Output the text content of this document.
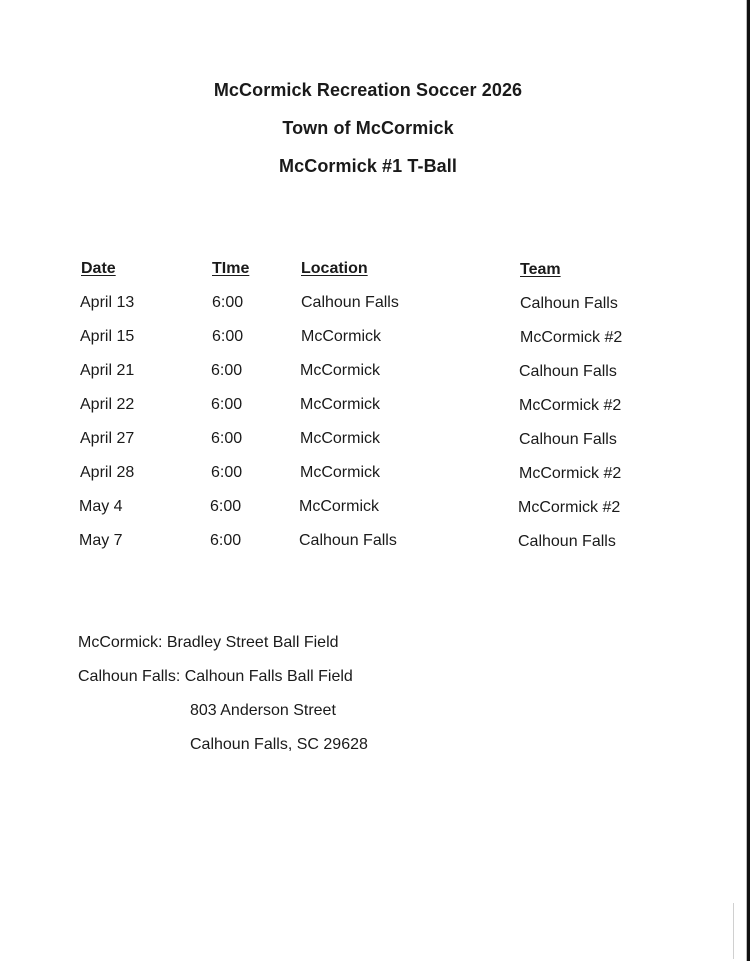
McCormick Recreation Soccer 2026
Town of McCormick
McCormick #1 T-Ball
Date	TIme	Location	Team
April 13	6:00	Calhoun Falls	Calhoun Falls
April 15	6:00	McCormick	McCormick #2
April 21	6:00	McCormick	Calhoun Falls
April 22	6:00	McCormick	McCormick #2
April 27	6:00	McCormick	Calhoun Falls
April 28	6:00	McCormick	McCormick #2
May 4	6:00	McCormick	McCormick #2
May 7	6:00	Calhoun Falls	Calhoun Falls
McCormick: Bradley Street Ball Field
Calhoun Falls: Calhoun Falls Ball Field
803 Anderson Street
Calhoun Falls, SC 29628
